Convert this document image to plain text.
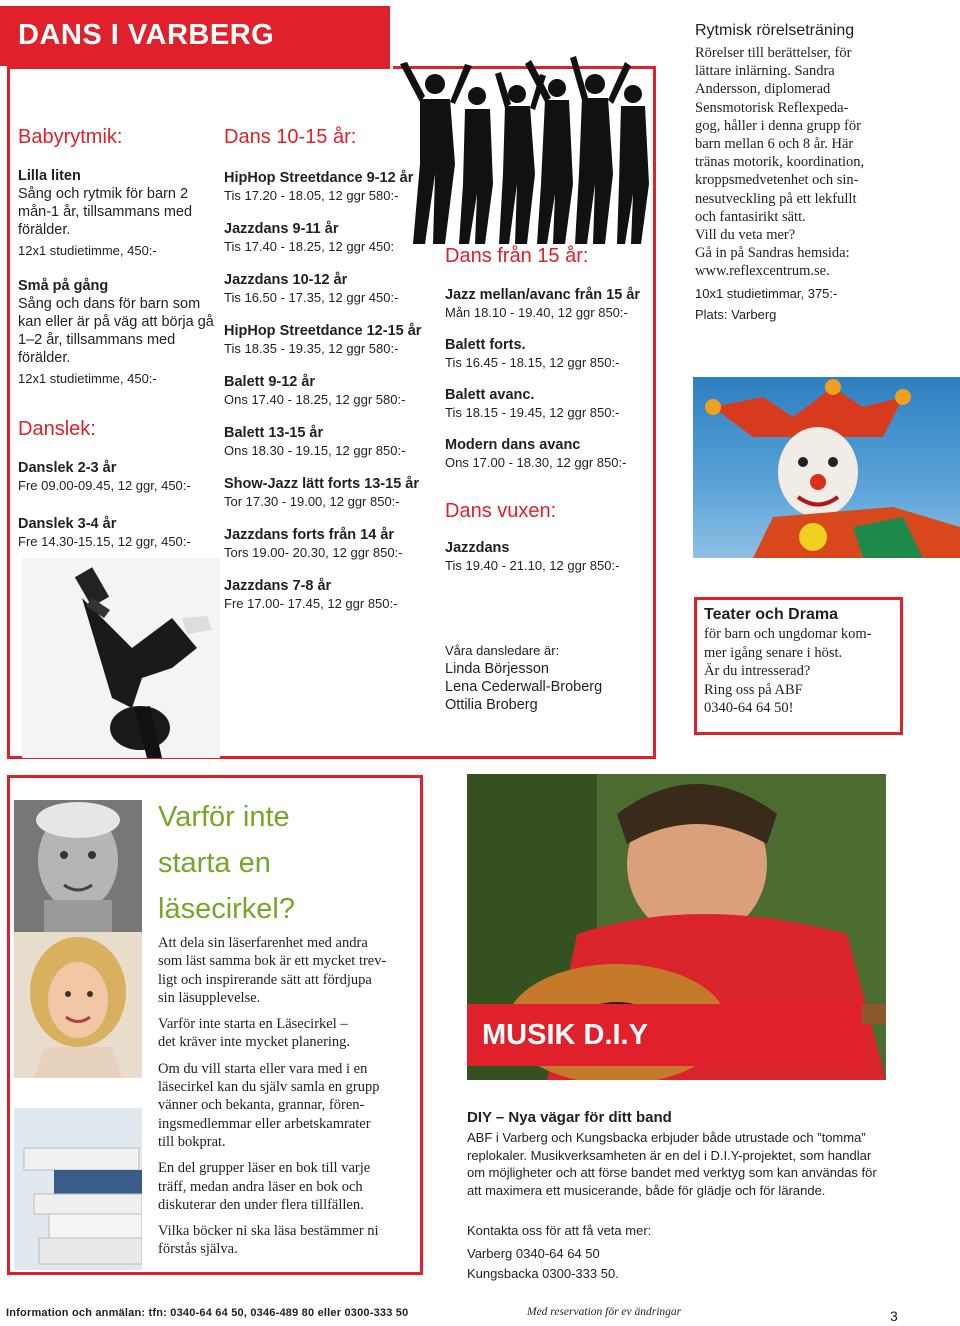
DANS I VARBERG
Babyrytmik:
Lilla liten
Sång och rytmik för barn 2 mån-1 år, tillsammans med förälder.
12x1 studietimme, 450:-
Små på gång
Sång och dans för barn som kan eller är på väg att börja gå 1–2 år, tillsammans med förälder.
12x1 studietimme, 450:-
Danslek:
Danslek 2-3 år
Fre 09.00-09.45, 12 ggr, 450:-
Danslek 3-4 år
Fre 14.30-15.15, 12 ggr, 450:-
Dans 10-15 år:
HipHop Streetdance 9-12 år
Tis 17.20 - 18.05, 12 ggr 580:-
Jazzdans 9-11 år
Tis 17.40 - 18.25, 12 ggr 450:
Jazzdans 10-12 år
Tis 16.50 - 17.35, 12 ggr 450:-
HipHop Streetdance 12-15 år
Tis 18.35 - 19.35, 12 ggr 580:-
Balett 9-12 år
Ons 17.40 - 18.25, 12 ggr 580:-
Balett 13-15 år
Ons 18.30 - 19.15, 12 ggr 850:-
Show-Jazz lätt forts 13-15 år
Tor 17.30 - 19.00, 12 ggr 850:-
Jazzdans forts från 14 år
Tors 19.00- 20.30, 12 ggr 850:-
Jazzdans 7-8 år
Fre 17.00- 17.45, 12 ggr 850:-
Dans från 15 år:
Jazz mellan/avanc från 15 år
Mån 18.10 - 19.40, 12 ggr 850:-
Balett forts.
Tis 16.45 - 18.15, 12 ggr 850:-
Balett avanc.
Tis 18.15 - 19.45, 12 ggr 850:-
Modern dans avanc
Ons 17.00 - 18.30, 12 ggr 850:-
Dans vuxen:
Jazzdans
Tis 19.40 - 21.10, 12 ggr 850:-
Våra dansledare är:
Linda Börjesson
Lena Cederwall-Broberg
Ottilia Broberg
Rytmisk rörelseträning
Rörelser till berättelser, för
lättare inlärning. Sandra
Andersson, diplomerad
Sensmotorisk Reflexpeda-
gog, håller i denna grupp för
barn mellan 6 och 8 år. Här
tränas motorik, koordination,
kroppsmedvetenhet och sin-
nesutveckling på ett lekfullt
och fantasirikt sätt.
Vill du veta mer?
Gå in på Sandras hemsida:
www.reflexcentrum.se.
10x1 studietimmar, 375:-
Plats: Varberg
Teater och Drama
för barn och ungdomar kom-
mer igång senare i höst.
Är du intresserad?
Ring oss på ABF
0340-64 64 50!
Varför inte
starta en
läsecirkel?
Att dela sin läserfarenhet med andra
som läst samma bok är ett mycket trev-
ligt och inspirerande sätt att fördjupa
sin läsupplevelse.
Varför inte starta en Läsecirkel –
det kräver inte mycket planering.
Om du vill starta eller vara med i en
läsecirkel kan du själv samla en grupp
vänner och bekanta, grannar, fören-
ingsmedlemmar eller arbetskamrater
till bokprat.
En del grupper läser en bok till varje
träff, medan andra läser en bok och
diskuterar den under flera tillfällen.
Vilka böcker ni ska läsa bestämmer ni
förstås själva.
MUSIK D.I.Y
DIY – Nya vägar för ditt band
ABF i Varberg och Kungsbacka erbjuder både utrustade och ”tomma”
replokaler. Musikverksamheten är en del i D.I.Y-projektet, som handlar
om möjligheter och att förse bandet med verktyg som kan användas för
att maximera ett musicerande, både för glädje och för lärande.
Kontakta oss för att få veta mer:
Varberg 0340-64 64 50
Kungsbacka 0300-333 50.
Information och anmälan: tfn: 0340-64 64 50, 0346-489 80 eller 0300-333 50	Med reservation för ev ändringar	3
